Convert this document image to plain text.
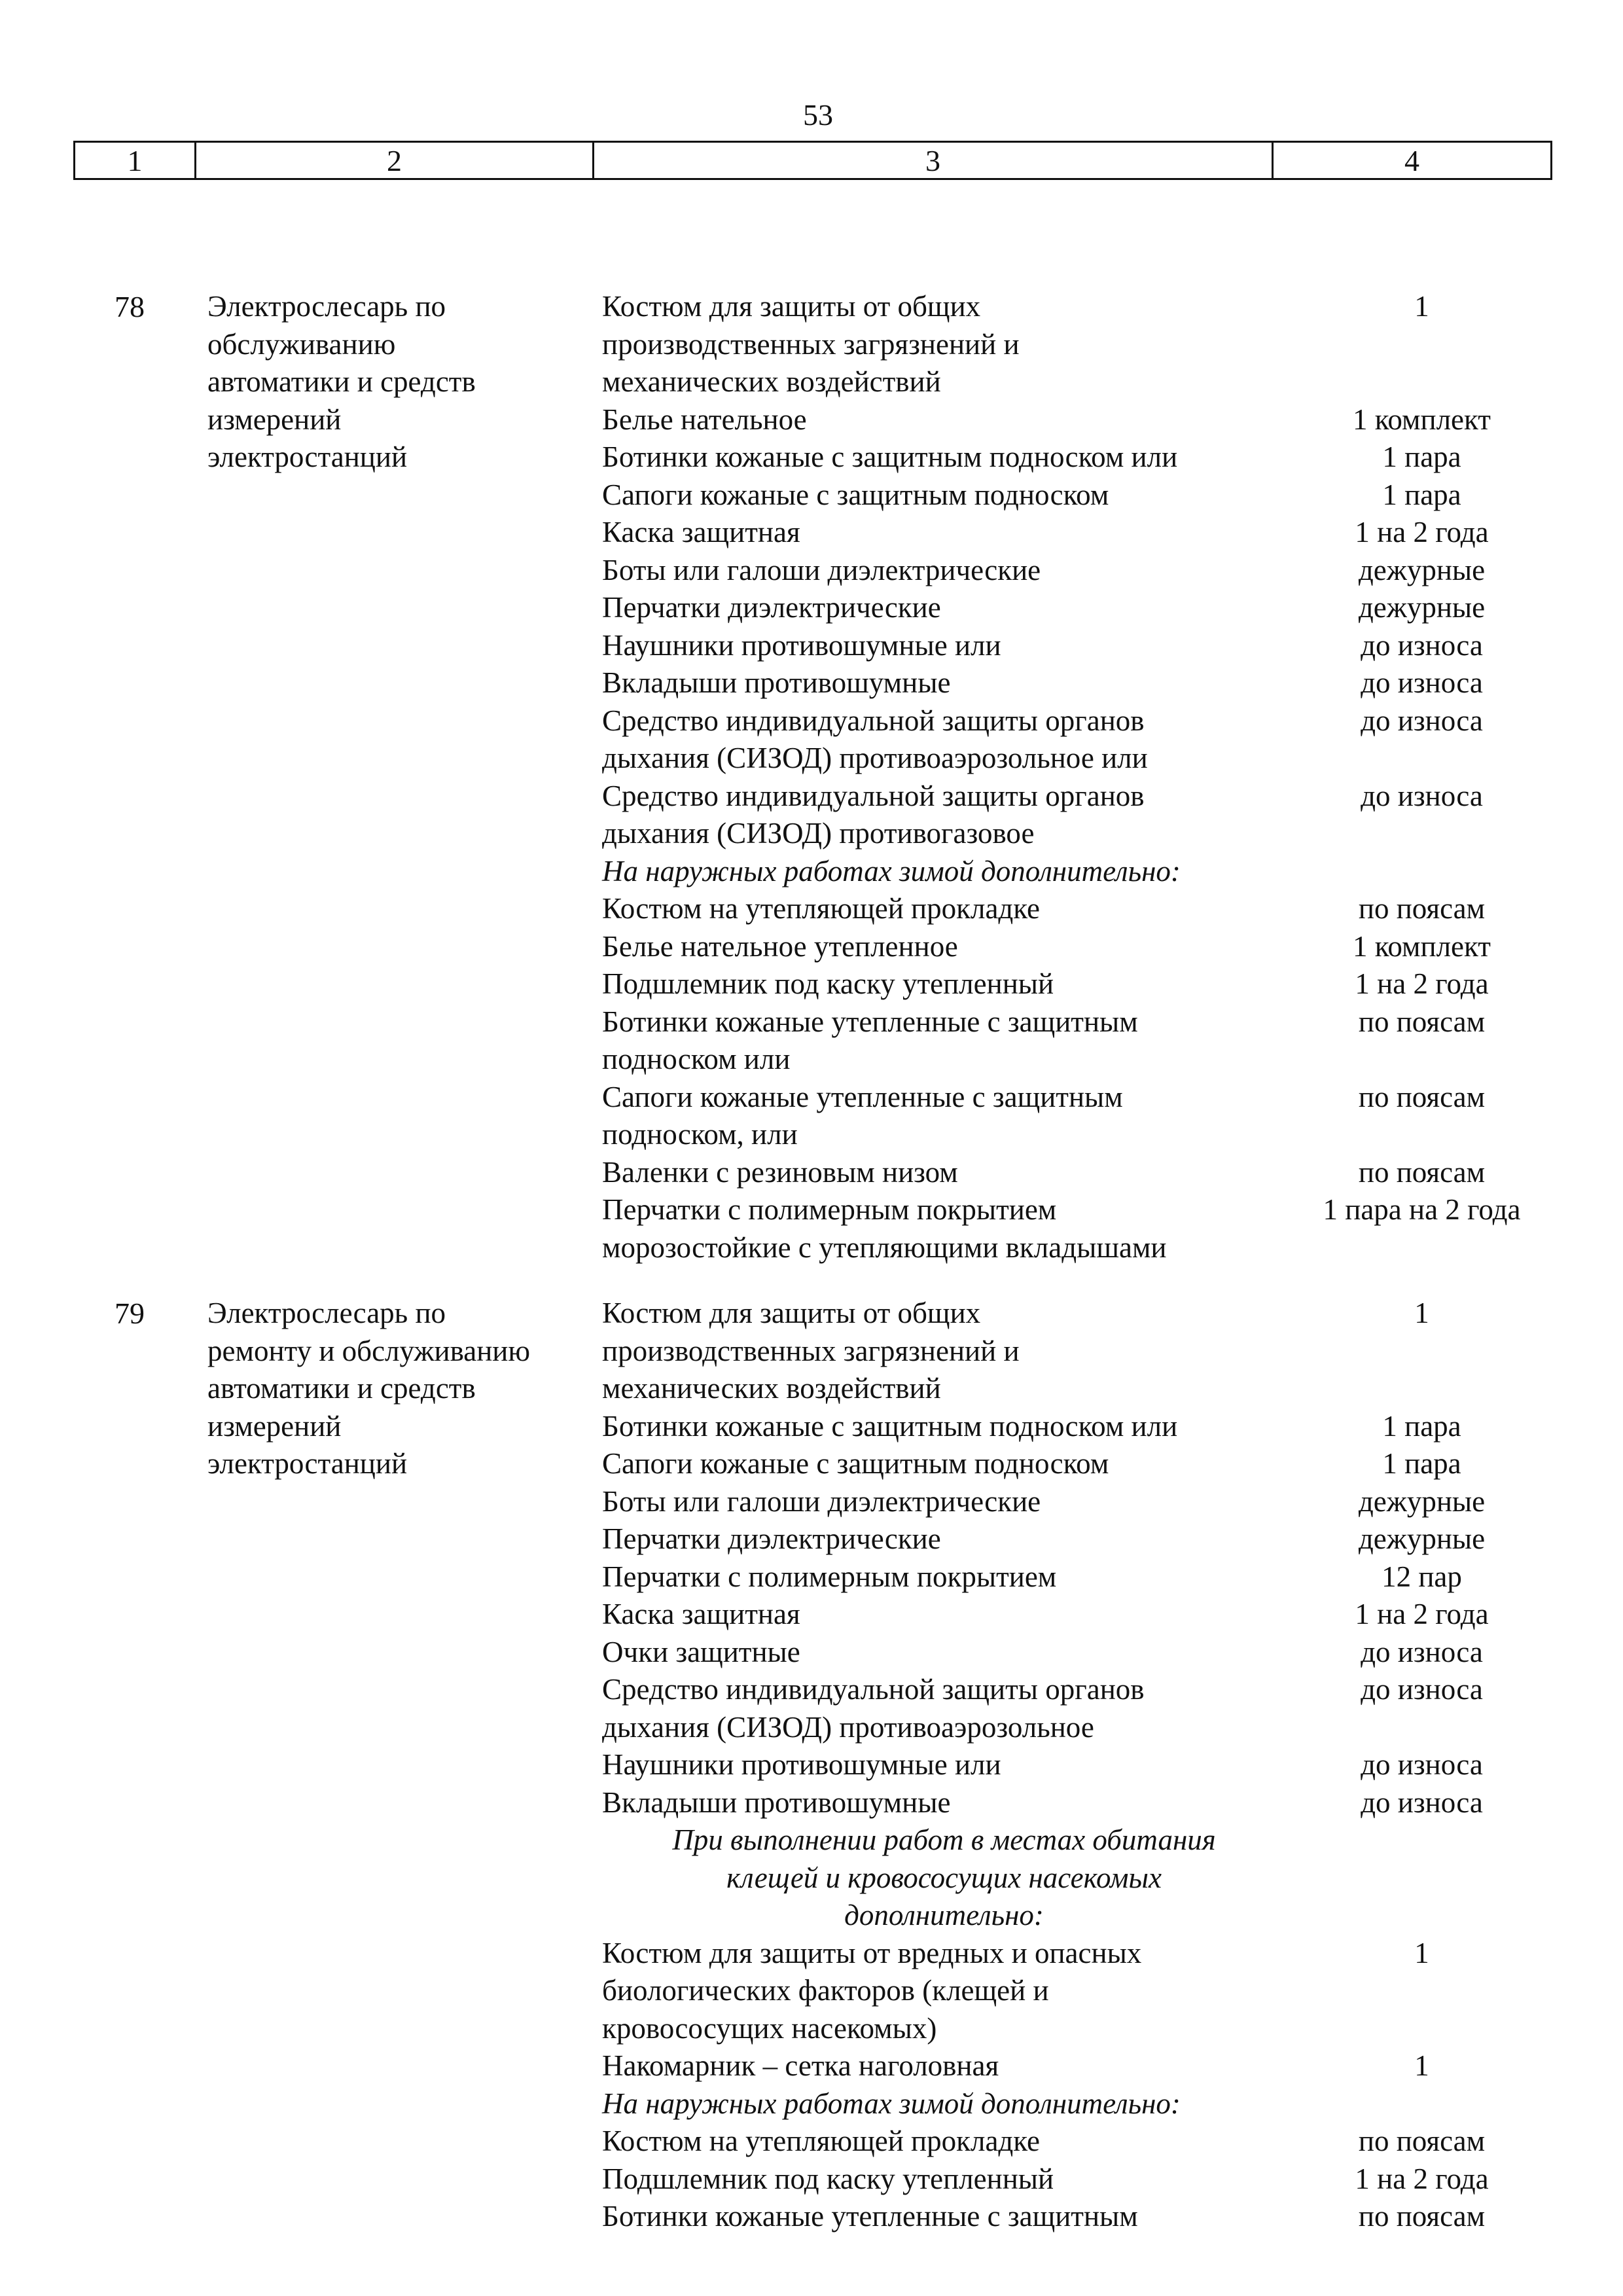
53
1	2	3	4
78	Электрослесарь по
обслуживанию
автоматики и средств
измерений
электростанций
Костюм для защиты от общих	1
производственных загрязнений и
механических воздействий
Белье нательное	1 комплект
Ботинки кожаные с защитным подноском или	1 пара
Сапоги кожаные с защитным подноском	1 пара
Каска защитная	1 на 2 года
Боты или галоши диэлектрические	дежурные
Перчатки диэлектрические	дежурные
Наушники противошумные или	до износа
Вкладыши противошумные	до износа
Средство индивидуальной защиты органов	до износа
дыхания (СИЗОД) противоаэрозольное или
Средство индивидуальной защиты органов	до износа
дыхания (СИЗОД) противогазовое
На наружных работах зимой дополнительно:
Костюм на утепляющей прокладке	по поясам
Белье нательное утепленное	1 комплект
Подшлемник под каску утепленный	1 на 2 года
Ботинки кожаные утепленные с защитным	по поясам
подноском или
Сапоги кожаные утепленные с защитным	по поясам
подноском, или
Валенки с резиновым низом	по поясам
Перчатки с полимерным покрытием	1 пара на 2 года
морозостойкие с утепляющими вкладышами
79	Электрослесарь по
ремонту и обслуживанию
автоматики и средств
измерений
электростанций
Костюм для защиты от общих	1
производственных загрязнений и
механических воздействий
Ботинки кожаные с защитным подноском или	1 пара
Сапоги кожаные с защитным подноском	1 пара
Боты или галоши диэлектрические	дежурные
Перчатки диэлектрические	дежурные
Перчатки с полимерным покрытием	12 пар
Каска защитная	1 на 2 года
Очки защитные	до износа
Средство индивидуальной защиты органов	до износа
дыхания (СИЗОД) противоаэрозольное
Наушники противошумные или	до износа
Вкладыши противошумные	до износа
При выполнении работ в местах обитания
клещей и кровососущих насекомых
дополнительно:
Костюм для защиты от вредных и опасных	1
биологических факторов (клещей и
кровососущих насекомых)
Накомарник – сетка наголовная	1
На наружных работах зимой дополнительно:
Костюм на утепляющей прокладке	по поясам
Подшлемник под каску утепленный	1 на 2 года
Ботинки кожаные утепленные с защитным	по поясам
